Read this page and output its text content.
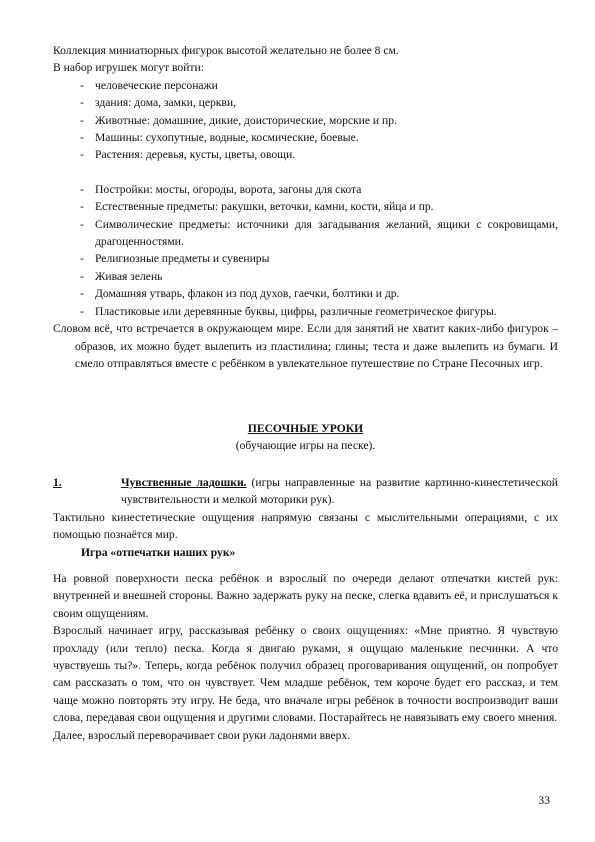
Коллекция миниатюрных фигурок высотой желательно не более 8 см.

В набор игрушек могут войти:

- человеческие персонажи
- здания: дома, замки, церкви,
- Животные: домашние, дикие, доисторические, морские и пр.
- Машины: сухопутные, водные, космические, боевые.
- Растения: деревья, кусты, цветы, овощи.
- Постройки: мосты, огороды, ворота, загоны для скота
- Естественные предметы: ракушки, веточки, камни, кости, яйца и пр.
- Символические предметы: источники для загадывания желаний, ящики с сокровищами, драгоценностями.
- Религиозные предметы и сувениры
- Живая зелень
- Домашняя утварь, флакон из под духов, гаечки, болтики и др.
- Пластиковые или деревянные буквы, цифры, различные геометрическое фигуры.

Словом всё, что встречается в окружающем мире. Если для занятий не хватит каких-либо фигурок – образов, их можно будет вылепить из пластилина; глины; теста и даже вылепить из бумаги. И смело отправляться вместе с ребёнком в увлекательное путешествие по Стране Песочных игр.

ПЕСОЧНЫЕ УРОКИ

(обучающие игры на песке).

1.	Чувственные ладошки. (игры направленные на развитие картинно-кинестетической чувствительности и мелкой моторики рук).

Тактильно кинестетические ощущения напрямую связаны с мыслительными операциями, с их помощью познаётся мир.

Игра «отпечатки наших рук»

На ровной поверхности песка ребёнок и взрослый по очереди делают отпечатки кистей рук: внутренней и внешней стороны. Важно задержать руку на песке, слегка вдавить её, и прислушаться к своим ощущениям.

Взрослый начинает игру, рассказывая ребёнку о своих ощущениях: «Мне приятно. Я чувствую прохладу (или тепло) песка. Когда я двигаю руками, я ощущаю маленькие песчинки. А что чувствуешь ты?». Теперь, когда ребёнок получил образец проговаривания ощущений, он попробует сам рассказать о том, что он чувствует. Чем младше ребёнок, тем короче будет его рассказ, и тем чаще можно повторять эту игру. Не беда, что вначале игры ребёнок в точности воспроизводит ваши слова, передавая свои ощущения и другими словами. Постарайтесь не навязывать ему своего мнения.

Далее, взрослый переворачивает свои руки ладонями вверх.

33
